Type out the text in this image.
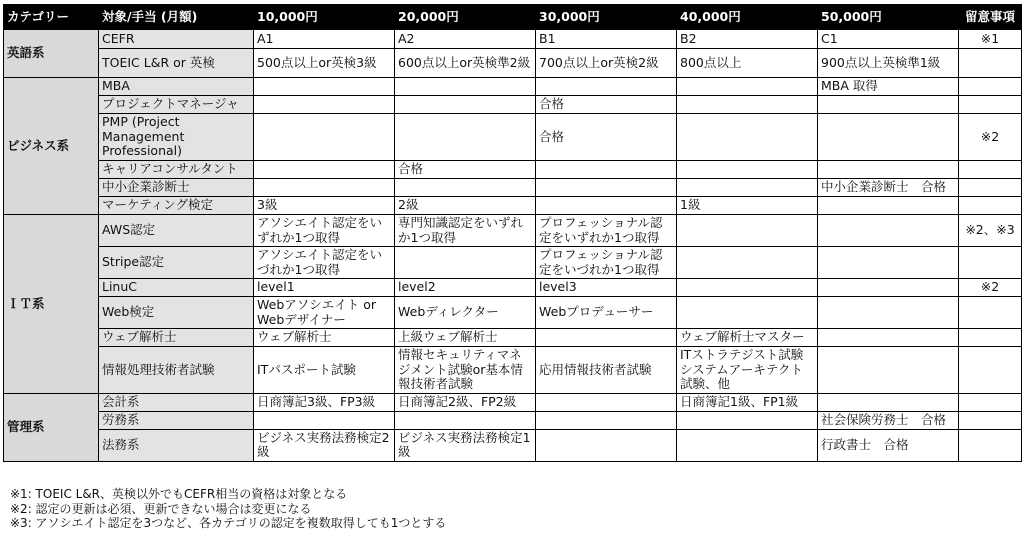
カテゴリー	対象/手当 (月額)	10,000円	20,000円	30,000円	40,000円	50,000円	留意事項
英語系	CEFR	A1	A2	B1	B2	C1	※1
	TOEIC L&R or 英検	500点以上or英検3級	600点以上or英検準2級	700点以上or英検2級	800点以上	900点以上英検準1級	
ビジネス系	MBA					MBA 取得	
	プロジェクトマネージャ			合格			
	PMP (Project Management Professional)			合格			※2
	キャリアコンサルタント		合格				
	中小企業診断士					中小企業診断士　合格	
	マーケティング検定	3級	2級		1級		
ＩＴ系	AWS認定	アソシエイト認定をいずれか1つ取得	専門知識認定をいずれか1つ取得	プロフェッショナル認定をいずれか1つ取得			※2、※3
	Stripe認定	アソシエイト認定をいづれか1つ取得		プロフェッショナル認定をいづれか1つ取得			
	LinuC	level1	level2	level3			※2
	Web検定	Webアソシエイト or Webデザイナー	Webディレクター	Webプロデューサー			
	ウェブ解析士	ウェブ解析士	上級ウェブ解析士		ウェブ解析士マスター		
	情報処理技術者試験	ITパスポート試験	情報セキュリティマネジメント試験or基本情報技術者試験	応用情報技術者試験	ITストラテジスト試験システムアーキテクト試験、他		
管理系	会計系	日商簿記3級、FP3級	日商簿記2級、FP2級		日商簿記1級、FP1級		
	労務系					社会保険労務士　合格	
	法務系	ビジネス実務法務検定2級	ビジネス実務法務検定1級			行政書士　合格	
※1: TOEIC L&R、英検以外でもCEFR相当の資格は対象となる
※2: 認定の更新は必須、更新できない場合は変更になる
※3: アソシエイト認定を3つなど、各カテゴリの認定を複数取得しても1つとする
